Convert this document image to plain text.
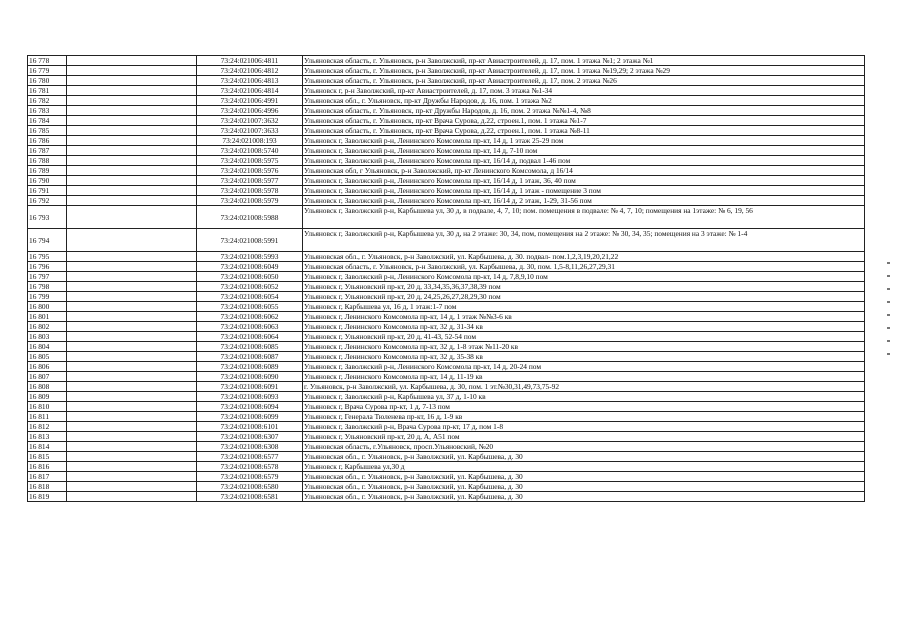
16 778		73:24:021006:4811	Ульяновская область, г. Ульяновск, р-н Заволжский, пр-кт Авиастроителей, д. 17, пом. 1 этажа №1; 2 этажа №1
16 779		73:24:021006:4812	Ульяновская область, г. Ульяновск, р-н Заволжский, пр-кт Авиастроителей, д. 17, пом. 1 этажа №19,29; 2 этажа №29
16 780		73:24:021006:4813	Ульяновская область, г. Ульяновск, р-н Заволжский, пр-кт Авиастроителей, д. 17, пом. 2 этажа №26
16 781		73:24:021006:4814	Ульяновск г, р-н Заволжский, пр-кт Авиастроителей, д. 17, пом. 3 этажа №1-34
16 782		73:24:021006:4991	Ульяновская обл., г. Ульяновск, пр-кт Дружбы Народов, д. 16, пом. 1 этажа №2
16 783		73:24:021006:4996	Ульяновская область, г. Ульяновск, пр-кт Дружбы Народов, д. 16, пом. 2 этажа №№1-4, №8
16 784		73:24:021007:3632	Ульяновская область, г. Ульяновск, пр-кт Врача Сурова, д.22, строен.1, пом. 1 этажа №1-7
16 785		73:24:021007:3633	Ульяновская область, г. Ульяновск, пр-кт Врача Сурова, д.22, строен.1, пом. 1 этажа №8-11
16 786		73:24:021008:193	Ульяновск г, Заволжский р-н, Ленинского Комсомола пр-кт, 14 д, 1 этаж 25-29 пом
16 787		73:24:021008:5740	Ульяновск г, Заволжский р-н, Ленинского Комсомола пр-кт, 14 д, 7-10 пом
16 788		73:24:021008:5975	Ульяновск г, Заволжский р-н, Ленинского Комсомола пр-кт, 16/14 д, подвал 1-46 пом
16 789		73:24:021008:5976	Ульяновская обл, г Ульяновск, р-н Заволжский, пр-кт Ленинского Комсомола, д 16/14
16 790		73:24:021008:5977	Ульяновск г, Заволжский р-н, Ленинского Комсомола пр-кт, 16/14 д, 1 этаж, 36, 40 пом
16 791		73:24:021008:5978	Ульяновск г, Заволжский р-н, Ленинского Комсомола пр-кт, 16/14 д, 1 этаж - помещение 3 пом
16 792		73:24:021008:5979	Ульяновск г, Заволжский р-н, Ленинского Комсомола пр-кт, 16/14 д, 2 этаж, 1-29, 31-56 пом
16 793		73:24:021008:5988	Ульяновск г, Заволжский р-н, Карбышева ул, 30 д, в подвале, 4, 7, 10; пом. помещения в подвале: № 4, 7, 10; помещения на 1этаже: № 6, 19, 56
16 794		73:24:021008:5991	Ульяновск г, Заволжский р-н, Карбышева ул, 30 д, на 2 этаже: 30, 34, пом, помещения на 2 этаже: № 30, 34, 35; помещения на 3 этаже: № 1-4
16 795		73:24:021008:5993	Ульяновская обл., г. Ульяновск, р-н Заволжский, ул. Карбышева, д. 30. подвал- пом.1,2,3,19,20,21,22
16 796		73:24:021008:6049	Ульяновская область, г. Ульяновск, р-н Заволжский, ул. Карбышева, д. 30, пом. 1,5-8,11,26,27,29,31
16 797		73:24:021008:6050	Ульяновск г, Заволжский р-н, Ленинского Комсомола пр-кт, 14 д, 7,8,9,10 пом
16 798		73:24:021008:6052	Ульяновск г, Ульяновский пр-кт, 20 д, 33,34,35,36,37,38,39 пом
16 799		73:24:021008:6054	Ульяновск г, Ульяновский пр-кт, 20 д, 24,25,26,27,28,29,30 пом
16 800		73:24:021008:6055	Ульяновск г, Карбышева ул, 16 д, 1 этаж:1-7 пом
16 801		73:24:021008:6062	Ульяновск г, Ленинского Комсомола пр-кт, 14 д, 1 этаж №№3-6 кв
16 802		73:24:021008:6063	Ульяновск г, Ленинского Комсомола пр-кт, 32 д, 31-34 кв
16 803		73:24:021008:6064	Ульяновск г, Ульяновский пр-кт, 20 д, 41-43, 52-54 пом
16 804		73:24:021008:6085	Ульяновск г, Ленинского Комсомола пр-кт, 32 д, 1-8 этаж №11-20 кв
16 805		73:24:021008:6087	Ульяновск г, Ленинского Комсомола пр-кт, 32 д, 35-38 кв
16 806		73:24:021008:6089	Ульяновск г, Заволжский р-н, Ленинского Комсомола пр-кт, 14 д, 20-24 пом
16 807		73:24:021008:6090	Ульяновск г, Ленинского Комсомола пр-кт, 14 д, 11-19 кв
16 808		73:24:021008:6091	г. Ульяновск, р-н Заволжский, ул. Карбышева, д. 30, пом. 1 эт.№30,31,49,73,75-92
16 809		73:24:021008:6093	Ульяновск г, Заволжский р-н, Карбышева ул, 37 д, 1-10 кв
16 810		73:24:021008:6094	Ульяновск г, Врача Сурова пр-кт, 1 д, 7-13 пом
16 811		73:24:021008:6099	Ульяновск г, Генерала Тюленева пр-кт, 16 д, 1-9 кв
16 812		73:24:021008:6101	Ульяновск г, Заволжский р-н, Врача Сурова пр-кт, 17 д, пом 1-8
16 813		73:24:021008:6307	Ульяновск г, Ульяновский пр-кт, 20 д, А, А51 пом
16 814		73:24:021008:6308	Ульяновская область, г.Ульяновск, просп.Ульяновский, №20
16 815		73:24:021008:6577	Ульяновская обл., г. Ульяновск, р-н Заволжский, ул. Карбышева, д. 30
16 816		73:24:021008:6578	Ульяновск г, Карбышева ул,30 д
16 817		73:24:021008:6579	Ульяновская обл., г. Ульяновск, р-н Заволжский, ул. Карбышева, д. 30
16 818		73:24:021008:6580	Ульяновская обл., г. Ульяновск, р-н Заволжский, ул. Карбышева, д. 30
16 819		73:24:021008:6581	Ульяновская обл., г. Ульяновск, р-н Заволжский, ул. Карбышева, д. 30
